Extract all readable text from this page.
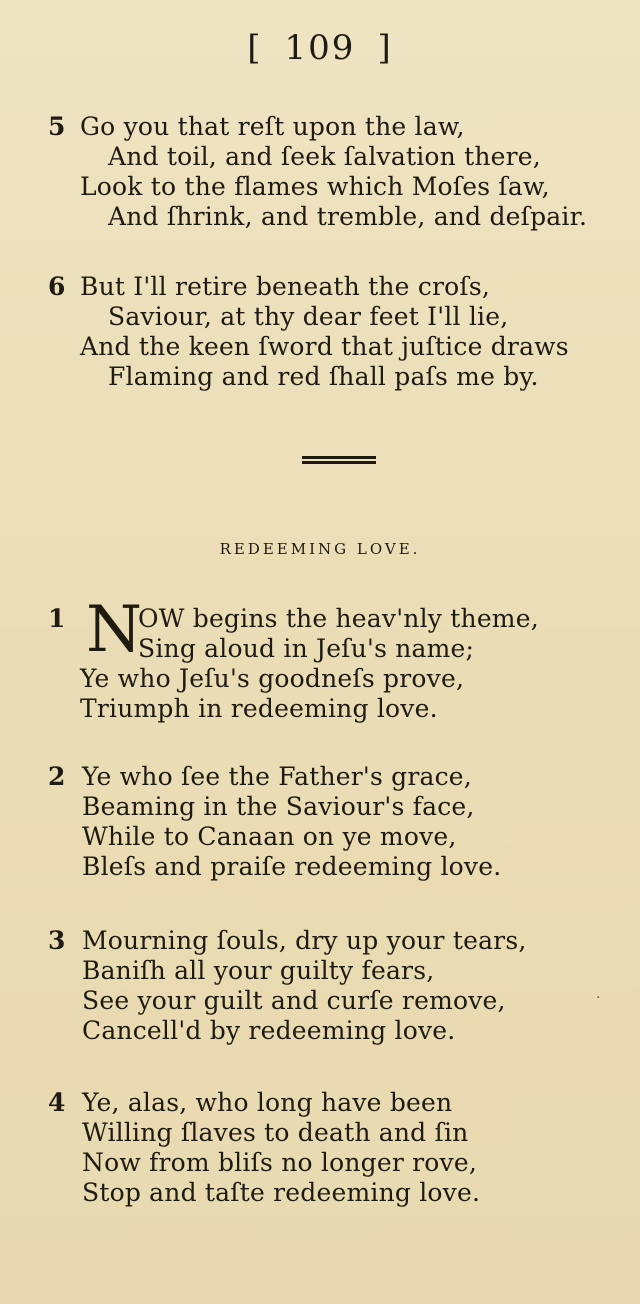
[ 109 ]
5 Go you that reſt upon the law,
And toil, and ſeek ſalvation there,
Look to the flames which Moſes ſaw,
And ſhrink, and tremble, and deſpair.
6 But I'll retire beneath the croſs,
Saviour, at thy dear feet I'll lie,
And the keen ſword that juſtice draws
Flaming and red ſhall paſs me by.
REDEEMING LOVE.
1 N
OW begins the heav'nly theme,
Sing aloud in Jeſu's name;
Ye who Jeſu's goodneſs prove,
Triumph in redeeming love.
2 Ye who ſee the Father's grace,
Beaming in the Saviour's face,
While to Canaan on ye move,
Bleſs and praiſe redeeming love.
3 Mourning ſouls, dry up your tears,
Baniſh all your guilty fears,
See your guilt and curſe remove,
Cancell'd by redeeming love.
·
4 Ye, alas, who long have been
Willing ſlaves to death and ſin
Now from bliſs no longer rove,
Stop and taſte redeeming love.
